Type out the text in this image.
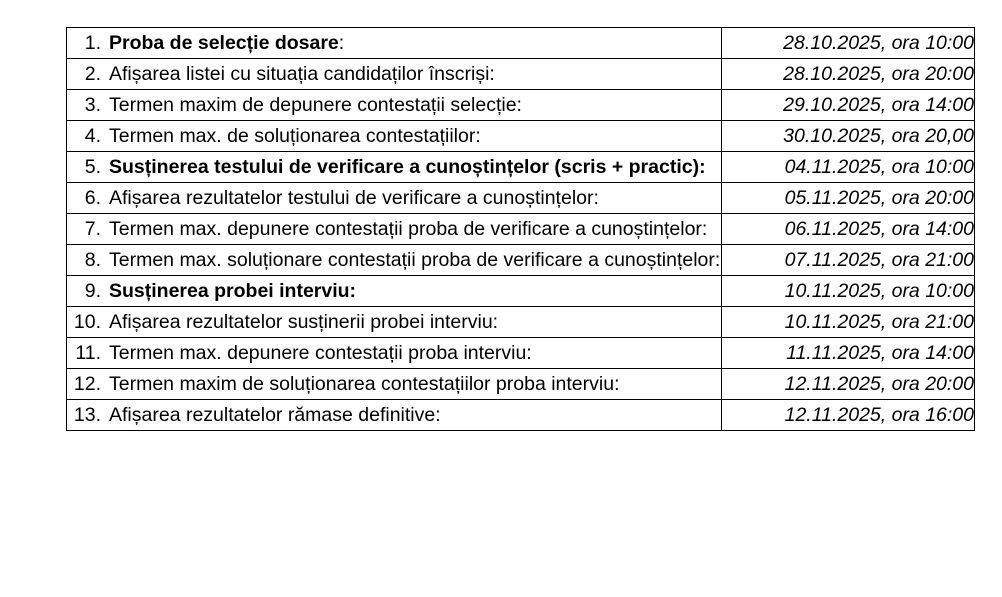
1. Proba de selecție dosare:	28.10.2025, ora 10:00

2. Afișarea listei cu situația candidaților înscriși:	28.10.2025, ora 20:00

3. Termen maxim de depunere contestații selecție:	29.10.2025, ora 14:00

4. Termen max. de soluționarea contestațiilor:	30.10.2025, ora 20,00

5. Susținerea testului de verificare a cunoștințelor (scris + practic):	04.11.2025, ora 10:00

6. Afișarea rezultatelor testului de verificare a cunoștințelor:	05.11.2025, ora 20:00

7. Termen max. depunere contestații proba de verificare a cunoștințelor:	06.11.2025, ora 14:00

8. Termen max. soluționare contestații proba de verificare a cunoștințelor:	07.11.2025, ora 21:00

9. Susținerea probei interviu:	10.11.2025, ora 10:00

10. Afișarea rezultatelor susținerii probei interviu:	10.11.2025, ora 21:00

11. Termen max. depunere contestații proba interviu:	11.11.2025, ora 14:00

12. Termen maxim de soluționarea contestațiilor proba interviu:	12.11.2025, ora 20:00

13. Afișarea rezultatelor rămase definitive:	12.11.2025, ora 16:00
